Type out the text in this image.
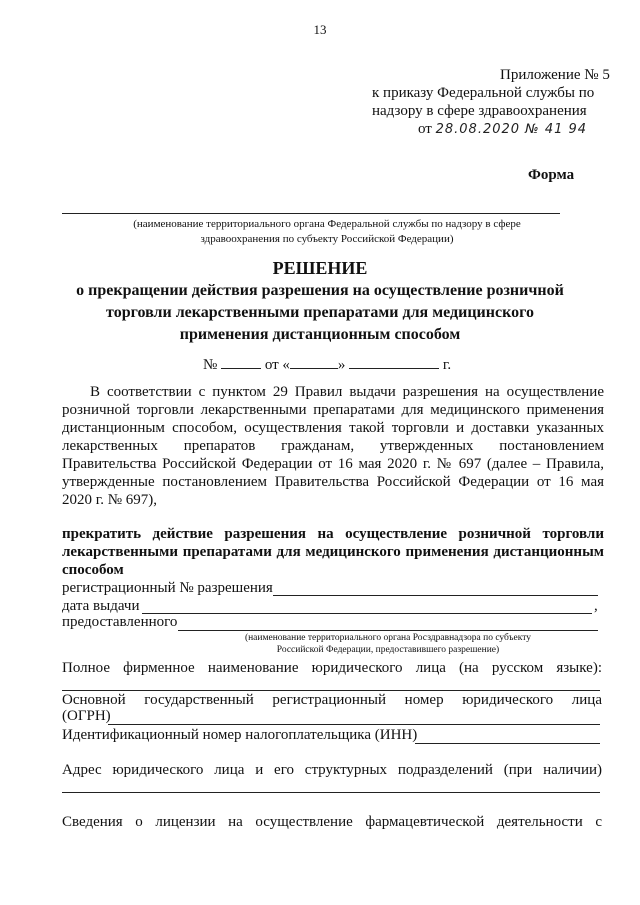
13
Приложение № 5
к приказу Федеральной службы по
надзору в сфере здравоохранения
от 28.08.2020 № 41 94
Форма
(наименование территориального органа Федеральной службы по надзору в сфере
здравоохранения по субъекту Российской Федерации)
РЕШЕНИЕ
о прекращении действия разрешения на осуществление розничной
торговли лекарственными препаратами для медицинского
применения дистанционным способом
№	от «	»	г.
В соответствии с пунктом 29 Правил выдачи разрешения на осуществление
розничной торговли лекарственными препаратами для медицинского применения
дистанционным способом, осуществления такой торговли и доставки указанных
лекарственных препаратов гражданам, утвержденных постановлением
Правительства Российской Федерации от 16 мая 2020 г. № 697 (далее – Правила,
утвержденные постановлением Правительства Российской Федерации от 16 мая
2020 г. № 697),
прекратить действие разрешения на осуществление розничной торговли
лекарственными препаратами для медицинского применения дистанционным
способом
регистрационный № разрешения
дата выдачи	,
предоставленного
(наименование территориального органа Росздравнадзора по субъекту
Российской Федерации, предоставившего разрешение)
Полное фирменное наименование юридического лица (на русском языке):
Основной государственный регистрационный номер юридического лица
(ОГРН)
Идентификационный номер налогоплательщика (ИНН)
Адрес юридического лица и его структурных подразделений (при наличии)
Сведения о лицензии на осуществление фармацевтической деятельности с
